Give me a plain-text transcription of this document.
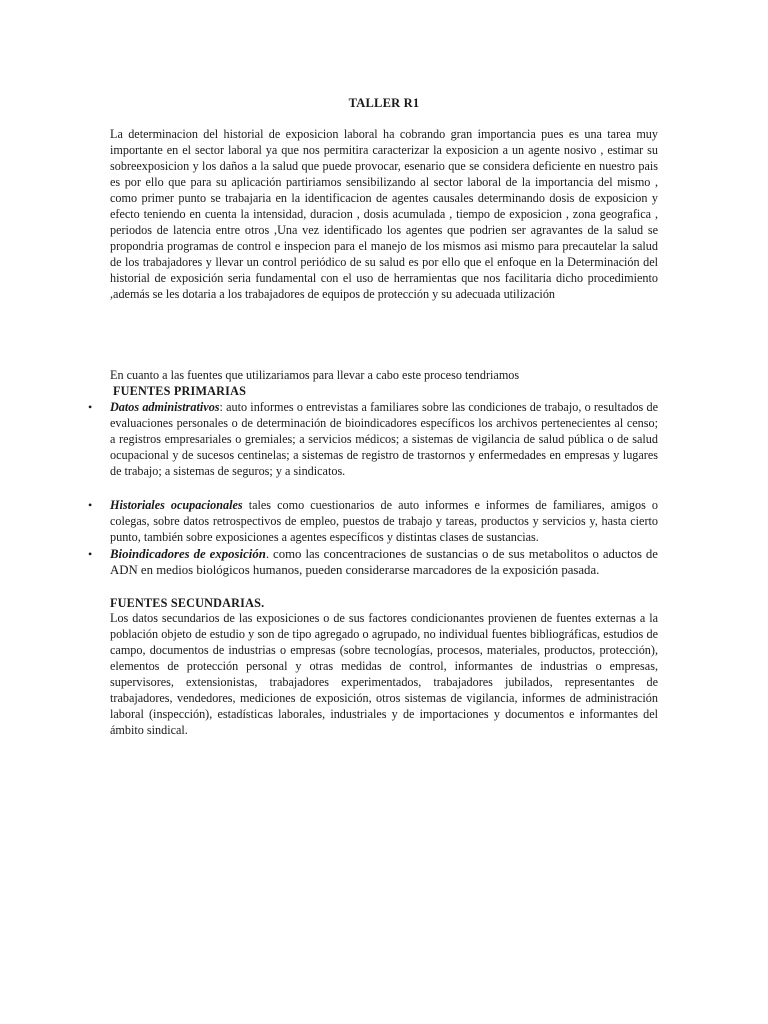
TALLER R1
La determinacion del historial de exposicion laboral ha cobrando gran importancia pues es una tarea muy importante en el sector laboral ya que nos permitira caracterizar la exposicion a un agente nosivo , estimar su sobreexposicion y los daños a la salud que puede provocar, esenario que se considera deficiente en nuestro pais es por ello que para su aplicación partiriamos sensibilizando al sector laboral de la importancia del mismo , como primer punto se trabajaria en la identificacion de agentes causales determinando dosis de exposicion y efecto teniendo en cuenta la intensidad, duracion , dosis acumulada , tiempo de exposicion , zona geografica , periodos de latencia entre otros ,Una vez identificado los agentes que podrien ser agravantes de la salud se propondria programas de control e inspecion para el manejo de los mismos asi mismo para precautelar la salud de los trabajadores y llevar un control periódico de su salud es por ello que el enfoque en la Determinación del historial de exposición seria fundamental con el uso de herramientas que nos facilitaria dicho procedimiento ,además se les dotaria a los trabajadores de equipos de protección y su adecuada utilización
En cuanto a las fuentes que utilizariamos para llevar a cabo este proceso tendriamos
FUENTES PRIMARIAS
• Datos administrativos: auto informes o entrevistas a familiares sobre las condiciones de trabajo, o resultados de evaluaciones personales o de determinación de bioindicadores específicos los archivos pertenecientes al censo; a registros empresariales o gremiales; a servicios médicos; a sistemas de vigilancia de salud pública o de salud ocupacional y de sucesos centinelas; a sistemas de registro de trastornos y enfermedades en empresas y lugares de trabajo; a sistemas de seguros; y a sindicatos.
• Historiales ocupacionales tales como cuestionarios de auto informes e informes de familiares, amigos o colegas, sobre datos retrospectivos de empleo, puestos de trabajo y tareas, productos y servicios y, hasta cierto punto, también sobre exposiciones a agentes específicos y distintas clases de sustancias.
• Bioindicadores de exposición. como las concentraciones de sustancias o de sus metabolitos o aductos de ADN en medios biológicos humanos, pueden considerarse marcadores de la exposición pasada.
FUENTES SECUNDARIAS.
Los datos secundarios de las exposiciones o de sus factores condicionantes provienen de fuentes externas a la población objeto de estudio y son de tipo agregado o agrupado, no individual fuentes bibliográficas, estudios de campo, documentos de industrias o empresas (sobre tecnologías, procesos, materiales, productos, protección), elementos de protección personal y otras medidas de control, informantes de industrias o empresas, supervisores, extensionistas, trabajadores experimentados, trabajadores jubilados, representantes de trabajadores, vendedores, mediciones de exposición, otros sistemas de vigilancia, informes de administración laboral (inspección), estadísticas laborales, industriales y de importaciones y documentos e informantes del ámbito sindical.
